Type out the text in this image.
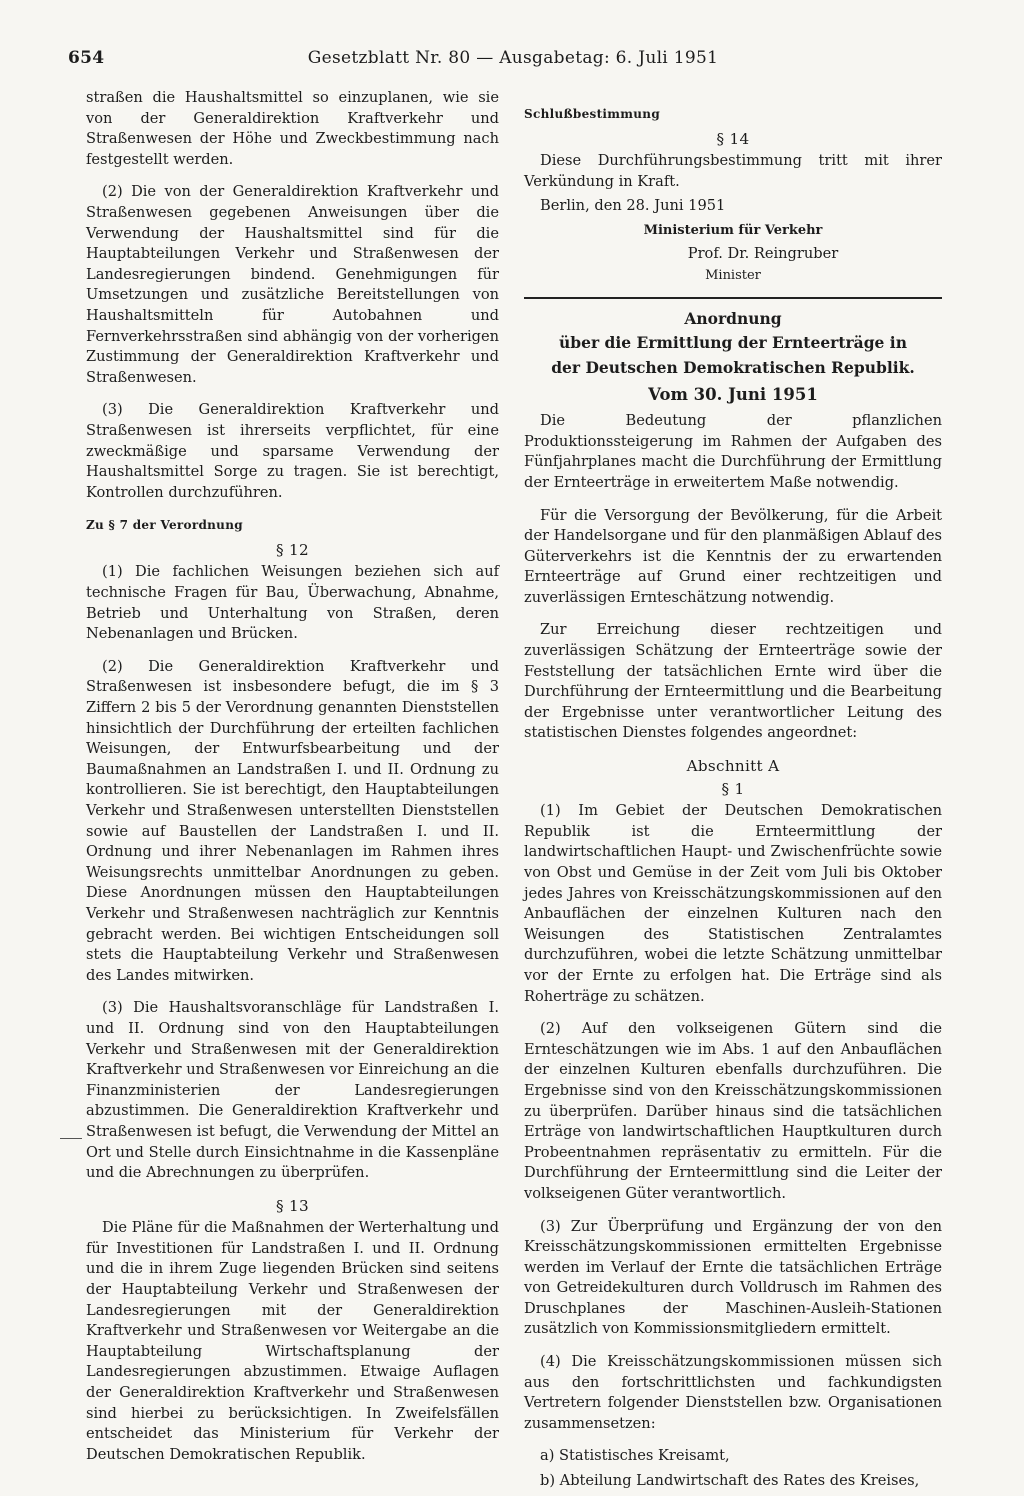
654	Gesetzblatt Nr. 80 — Ausgabetag: 6. Juli 1951

straßen die Haushaltsmittel so einzuplanen, wie sie von der Generaldirektion Kraftverkehr und Straßenwesen der Höhe und Zweckbestimmung nach festgestellt werden.

(2) Die von der Generaldirektion Kraftverkehr und Straßenwesen gegebenen Anweisungen über die Verwendung der Haushaltsmittel sind für die Hauptabteilungen Verkehr und Straßenwesen der Landesregierungen bindend. Genehmigungen für Umsetzungen und zusätzliche Bereitstellungen von Haushaltsmitteln für Autobahnen und Fernverkehrsstraßen sind abhängig von der vorherigen Zustimmung der Generaldirektion Kraftverkehr und Straßenwesen.

(3) Die Generaldirektion Kraftverkehr und Straßenwesen ist ihrerseits verpflichtet, für eine zweckmäßige und sparsame Verwendung der Haushaltsmittel Sorge zu tragen. Sie ist berechtigt, Kontrollen durchzuführen.

Zu § 7 der Verordnung
§ 12

(1) Die fachlichen Weisungen beziehen sich auf technische Fragen für Bau, Überwachung, Abnahme, Betrieb und Unterhaltung von Straßen, deren Nebenanlagen und Brücken.

(2) Die Generaldirektion Kraftverkehr und Straßenwesen ist insbesondere befugt, die im § 3 Ziffern 2 bis 5 der Verordnung genannten Dienststellen hinsichtlich der Durchführung der erteilten fachlichen Weisungen, der Entwurfsbearbeitung und der Baumaßnahmen an Landstraßen I. und II. Ordnung zu kontrollieren. Sie ist berechtigt, den Hauptabteilungen Verkehr und Straßenwesen unterstellten Dienststellen sowie auf Baustellen der Landstraßen I. und II. Ordnung und ihrer Nebenanlagen im Rahmen ihres Weisungsrechts unmittelbar Anordnungen zu geben. Diese Anordnungen müssen den Hauptabteilungen Verkehr und Straßenwesen nachträglich zur Kenntnis gebracht werden. Bei wichtigen Entscheidungen soll stets die Hauptabteilung Verkehr und Straßenwesen des Landes mitwirken.

(3) Die Haushaltsvoranschläge für Landstraßen I. und II. Ordnung sind von den Hauptabteilungen Verkehr und Straßenwesen mit der Generaldirektion Kraftverkehr und Straßenwesen vor Einreichung an die Finanzministerien der Landesregierungen abzustimmen. Die Generaldirektion Kraftverkehr und Straßenwesen ist befugt, die Verwendung der Mittel an Ort und Stelle durch Einsichtnahme in die Kassenpläne und die Abrechnungen zu überprüfen.

§ 13

Die Pläne für die Maßnahmen der Werterhaltung und für Investitionen für Landstraßen I. und II. Ordnung und die in ihrem Zuge liegenden Brücken sind seitens der Hauptabteilung Verkehr und Straßenwesen der Landesregierungen mit der Generaldirektion Kraftverkehr und Straßenwesen vor Weitergabe an die Hauptabteilung Wirtschaftsplanung der Landesregierungen abzustimmen. Etwaige Auflagen der Generaldirektion Kraftverkehr und Straßenwesen sind hierbei zu berücksichtigen. In Zweifelsfällen entscheidet das Ministerium für Verkehr der Deutschen Demokratischen Republik.

Schlußbestimmung
§ 14

Diese Durchführungsbestimmung tritt mit ihrer Verkündung in Kraft.

Berlin, den 28. Juni 1951

Ministerium für Verkehr
Prof. Dr. Reingruber
Minister
Anordnung
über die Ermittlung der Ernteerträge in
der Deutschen Demokratischen Republik.
Vom 30. Juni 1951

Die Bedeutung der pflanzlichen Produktionssteigerung im Rahmen der Aufgaben des Fünfjahrplanes macht die Durchführung der Ermittlung der Ernteerträge in erweitertem Maße notwendig.

Für die Versorgung der Bevölkerung, für die Arbeit der Handelsorgane und für den planmäßigen Ablauf des Güterverkehrs ist die Kenntnis der zu erwartenden Ernteerträge auf Grund einer rechtzeitigen und zuverlässigen Ernteschätzung notwendig.

Zur Erreichung dieser rechtzeitigen und zuverlässigen Schätzung der Ernteerträge sowie der Feststellung der tatsächlichen Ernte wird über die Durchführung der Ernteermittlung und die Bearbeitung der Ergebnisse unter verantwortlicher Leitung des statistischen Dienstes folgendes angeordnet:

Abschnitt A
§ 1

(1) Im Gebiet der Deutschen Demokratischen Republik ist die Ernteermittlung der landwirtschaftlichen Haupt- und Zwischenfrüchte sowie von Obst und Gemüse in der Zeit vom Juli bis Oktober jedes Jahres von Kreisschätzungskommissionen auf den Anbauflächen der einzelnen Kulturen nach den Weisungen des Statistischen Zentralamtes durchzuführen, wobei die letzte Schätzung unmittelbar vor der Ernte zu erfolgen hat. Die Erträge sind als Roherträge zu schätzen.

(2) Auf den volkseigenen Gütern sind die Ernteschätzungen wie im Abs. 1 auf den Anbauflächen der einzelnen Kulturen ebenfalls durchzuführen. Die Ergebnisse sind von den Kreisschätzungskommissionen zu überprüfen. Darüber hinaus sind die tatsächlichen Erträge von landwirtschaftlichen Hauptkulturen durch Probeentnahmen repräsentativ zu ermitteln. Für die Durchführung der Ernteermittlung sind die Leiter der volkseigenen Güter verantwortlich.

(3) Zur Überprüfung und Ergänzung der von den Kreisschätzungskommissionen ermittelten Ergebnisse werden im Verlauf der Ernte die tatsächlichen Erträge von Getreidekulturen durch Volldrusch im Rahmen des Druschplanes der Maschinen-Ausleih-Stationen zusätzlich von Kommissionsmitgliedern ermittelt.

(4) Die Kreisschätzungskommissionen müssen sich aus den fortschrittlichsten und fachkundigsten Vertretern folgender Dienststellen bzw. Organisationen zusammensetzen:

a) Statistisches Kreisamt,

b) Abteilung Landwirtschaft des Rates des Kreises,
